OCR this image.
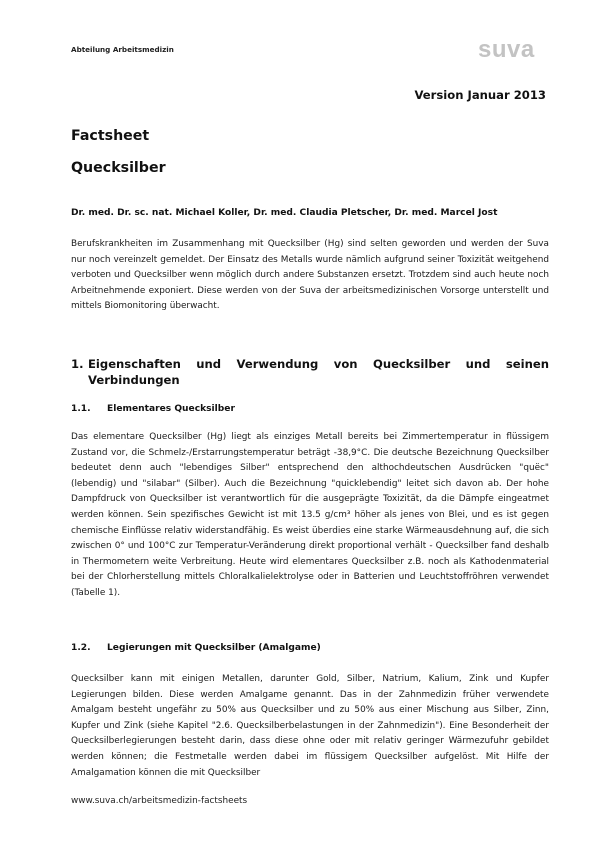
Abteilung Arbeitsmedizin	suva
Version Januar 2013
Factsheet
Quecksilber
Dr. med. Dr. sc. nat. Michael Koller, Dr. med. Claudia Pletscher, Dr. med. Marcel Jost

Berufskrankheiten im Zusammenhang mit Quecksilber (Hg) sind selten geworden und werden der Suva nur noch vereinzelt gemeldet. Der Einsatz des Metalls wurde nämlich aufgrund seiner Toxizität weitgehend verboten und Quecksilber wenn möglich durch andere Substanzen ersetzt. Trotzdem sind auch heute noch Arbeitnehmende exponiert. Diese werden von der Suva der arbeitsmedizinischen Vorsorge unterstellt und mittels Biomonitoring überwacht.

1. Eigenschaften und Verwendung von Quecksilber und seinen Verbindungen
1.1. Elementares Quecksilber

Das elementare Quecksilber (Hg) liegt als einziges Metall bereits bei Zimmertemperatur in flüssigem Zustand vor, die Schmelz-/Erstarrungstemperatur beträgt -38,9°C. Die deutsche Bezeichnung Quecksilber bedeutet denn auch "lebendiges Silber" entsprechend den althochdeutschen Ausdrücken "quëc" (lebendig) und "silabar" (Silber). Auch die Bezeichnung "quicklebendig" leitet sich davon ab. Der hohe Dampfdruck von Quecksilber ist verantwortlich für die ausgeprägte Toxizität, da die Dämpfe eingeatmet werden können. Sein spezifisches Gewicht ist mit 13.5 g/cm³ höher als jenes von Blei, und es ist gegen chemische Einflüsse relativ widerstandfähig. Es weist überdies eine starke Wärmeausdehnung auf, die sich zwischen 0° und 100°C zur Temperatur-Veränderung direkt proportional verhält - Quecksilber fand deshalb in Thermometern weite Verbreitung. Heute wird elementares Quecksilber z.B. noch als Kathodenmaterial bei der Chlorherstellung mittels Chloralkalielektrolyse oder in Batterien und Leuchtstoffröhren verwendet (Tabelle 1).

1.2. Legierungen mit Quecksilber (Amalgame)

Quecksilber kann mit einigen Metallen, darunter Gold, Silber, Natrium, Kalium, Zink und Kupfer Legierungen bilden. Diese werden Amalgame genannt. Das in der Zahnmedizin früher verwendete Amalgam besteht ungefähr zu 50% aus Quecksilber und zu 50% aus einer Mischung aus Silber, Zinn, Kupfer und Zink (siehe Kapitel "2.6. Quecksilberbelastungen in der Zahnmedizin"). Eine Besonderheit der Quecksilberlegierungen besteht darin, dass diese ohne oder mit relativ geringer Wärmezufuhr gebildet werden können; die Festmetalle werden dabei im flüssigem Quecksilber aufgelöst. Mit Hilfe der Amalgamation können die mit Quecksilber

www.suva.ch/arbeitsmedizin-factsheets
